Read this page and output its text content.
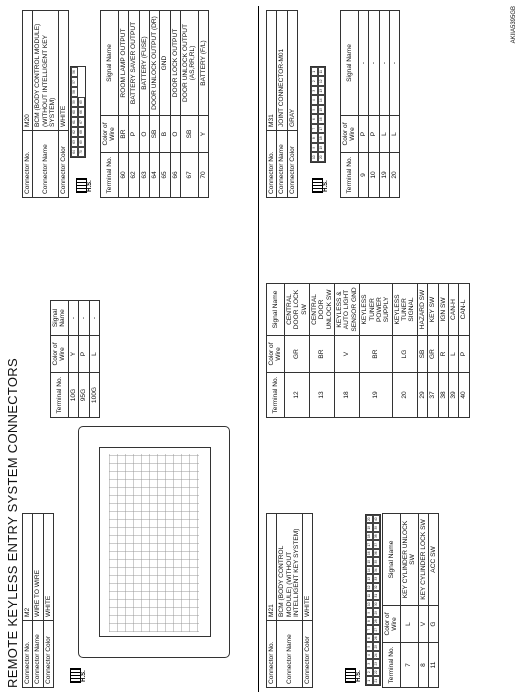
REMOTE KEYLESS ENTRY SYSTEM CONNECTORS Connector No.	M2
Connector Name	WIRE TO WIRE
Connector Color	WHITE
H.S.
Terminal No.	Color of Wire	Signal Name
10G	Y	-
95G	P	-
100G	L	-
Connector No.	M20
Connector Name	BCM (BODY CONTROL MODULE) (WITHOUT INTELLIGENT KEY SYSTEM)
Connector Color	WHITE
H.S.
64
63
62
61
60
59
58
57
56
70
69
68
67
66
65
Terminal No.	Color of Wire	Signal Name
60	BR	ROOM LAMP OUTPUT
62	P	BATTERY SAVER OUTPUT
63	O	BATTERY (FUSE)
64	SB	DOOR UNLOCK OUTPUT (DR)
65	B	GND
66	O	DOOR LOCK OUTPUT
67	SB	DOOR UNLOCK OUTPUT (AS,RR,RL)
70	Y	BATTERY (F/L)
Connector No.	M21
Connector Name	BCM (BODY CONTROL MODULE) (WITHOUT INTELLIGENT KEY SYSTEM)
Connector Color	WHITE
H.S.	1
2
3
4
5
6
7
8
9
10
11
12
13
14
15
16
17
18
19
20
21
22
23
24
25
26
27
28
29
30
31
32
33
34
35
36
37
38
39
40
Terminal No.	Color of Wire	Signal Name
7	L	KEY CYLINDER UNLOCK SW
8	V	KEY CYLINDER LOCK SW
11	G	ACC SW
Terminal No.	Color of Wire	Signal Name
12	GR	CENTRAL DOOR LOCK SW
13	BR	CENTRAL DOOR UNLOCK SW
18	V	KEYLESS & AUTO LIGHT SENSOR GND
19	BR	KEYLESS TUNER POWER SUPPLY
20	LG	KEYLESS TUNER SIGNAL
29	SB	HAZARD SW
37	GR	KEY SW
38	R	IGN SW
39	L	CAN-H
40	P	CAN-L
Connector No.	M31
Connector Name	JOINT CONNECTOR-M01
Connector Color	GRAY
H.S.
10
9
8
7
6
5
4
3
2
1
20
19
18
17
16
15
14
13
12
11
Terminal No.	Color of Wire	Signal Name
9	P	-
10	P	-
19	L	-
20	L	-
AKIIA5395GB
